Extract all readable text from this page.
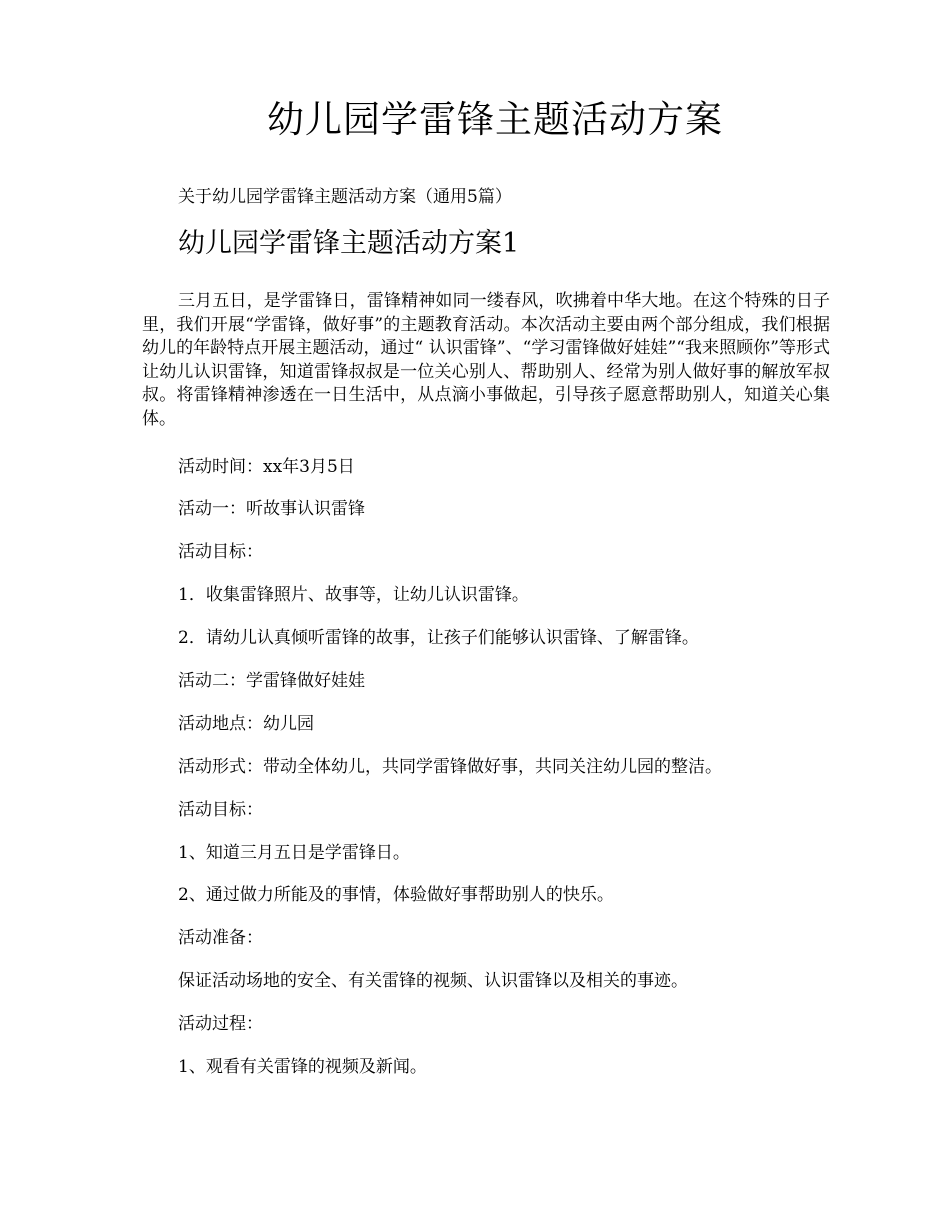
幼儿园学雷锋主题活动方案

关于幼儿园学雷锋主题活动方案（通用5篇）

幼儿园学雷锋主题活动方案1

三月五日，是学雷锋日，雷锋精神如同一缕春风，吹拂着中华大地。在这个特殊的日子里，我们开展“学雷锋，做好事”的主题教育活动。本次活动主要由两个部分组成，我们根据幼儿的年龄特点开展主题活动，通过“ 认识雷锋”、“学习雷锋做好娃娃”“我来照顾你”等形式让幼儿认识雷锋，知道雷锋叔叔是一位关心别人、帮助别人、经常为别人做好事的解放军叔叔。将雷锋精神渗透在一日生活中，从点滴小事做起，引导孩子愿意帮助别人，知道关心集体。

活动时间：xx年3月5日

活动一：听故事认识雷锋

活动目标：

1．收集雷锋照片、故事等，让幼儿认识雷锋。

2．请幼儿认真倾听雷锋的故事，让孩子们能够认识雷锋、了解雷锋。

活动二：学雷锋做好娃娃

活动地点：幼儿园

活动形式：带动全体幼儿，共同学雷锋做好事，共同关注幼儿园的整洁。

活动目标：

1、知道三月五日是学雷锋日。

2、通过做力所能及的事情，体验做好事帮助别人的快乐。

活动准备：

保证活动场地的安全、有关雷锋的视频、认识雷锋以及相关的事迹。

活动过程：

1、观看有关雷锋的视频及新闻。
